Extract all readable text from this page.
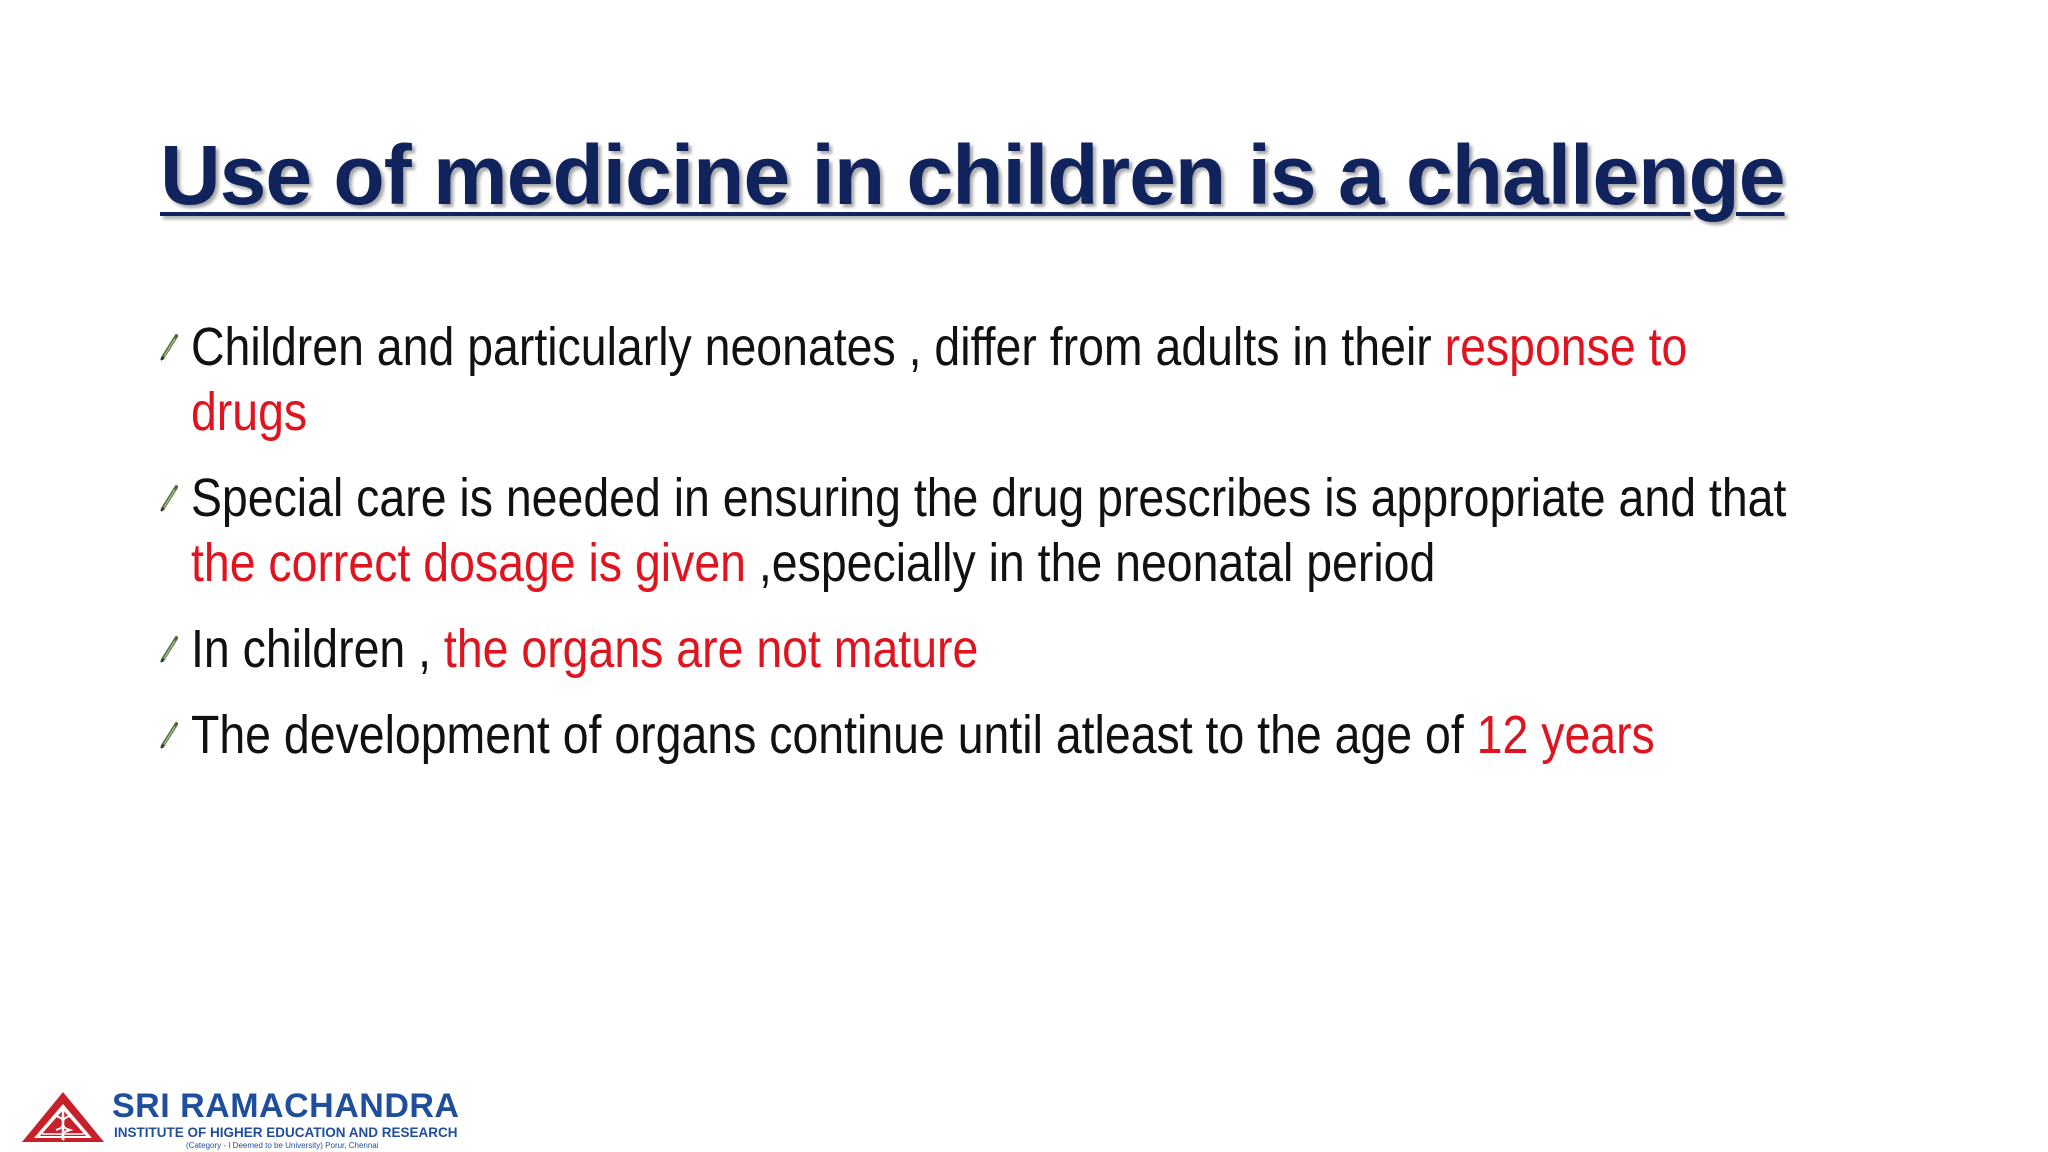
Use of medicine in children is a challenge
Children and particularly neonates , differ from adults in their response to
drugs
Special care is needed in ensuring the drug prescribes is appropriate and that
the correct dosage is given ,especially in the neonatal period
In children , the organs are not mature
The development of organs continue until atleast to the age of 12 years
SRI RAMACHANDRA
INSTITUTE OF HIGHER EDUCATION AND RESEARCH
(Category - I Deemed to be University) Porur, Chennai
